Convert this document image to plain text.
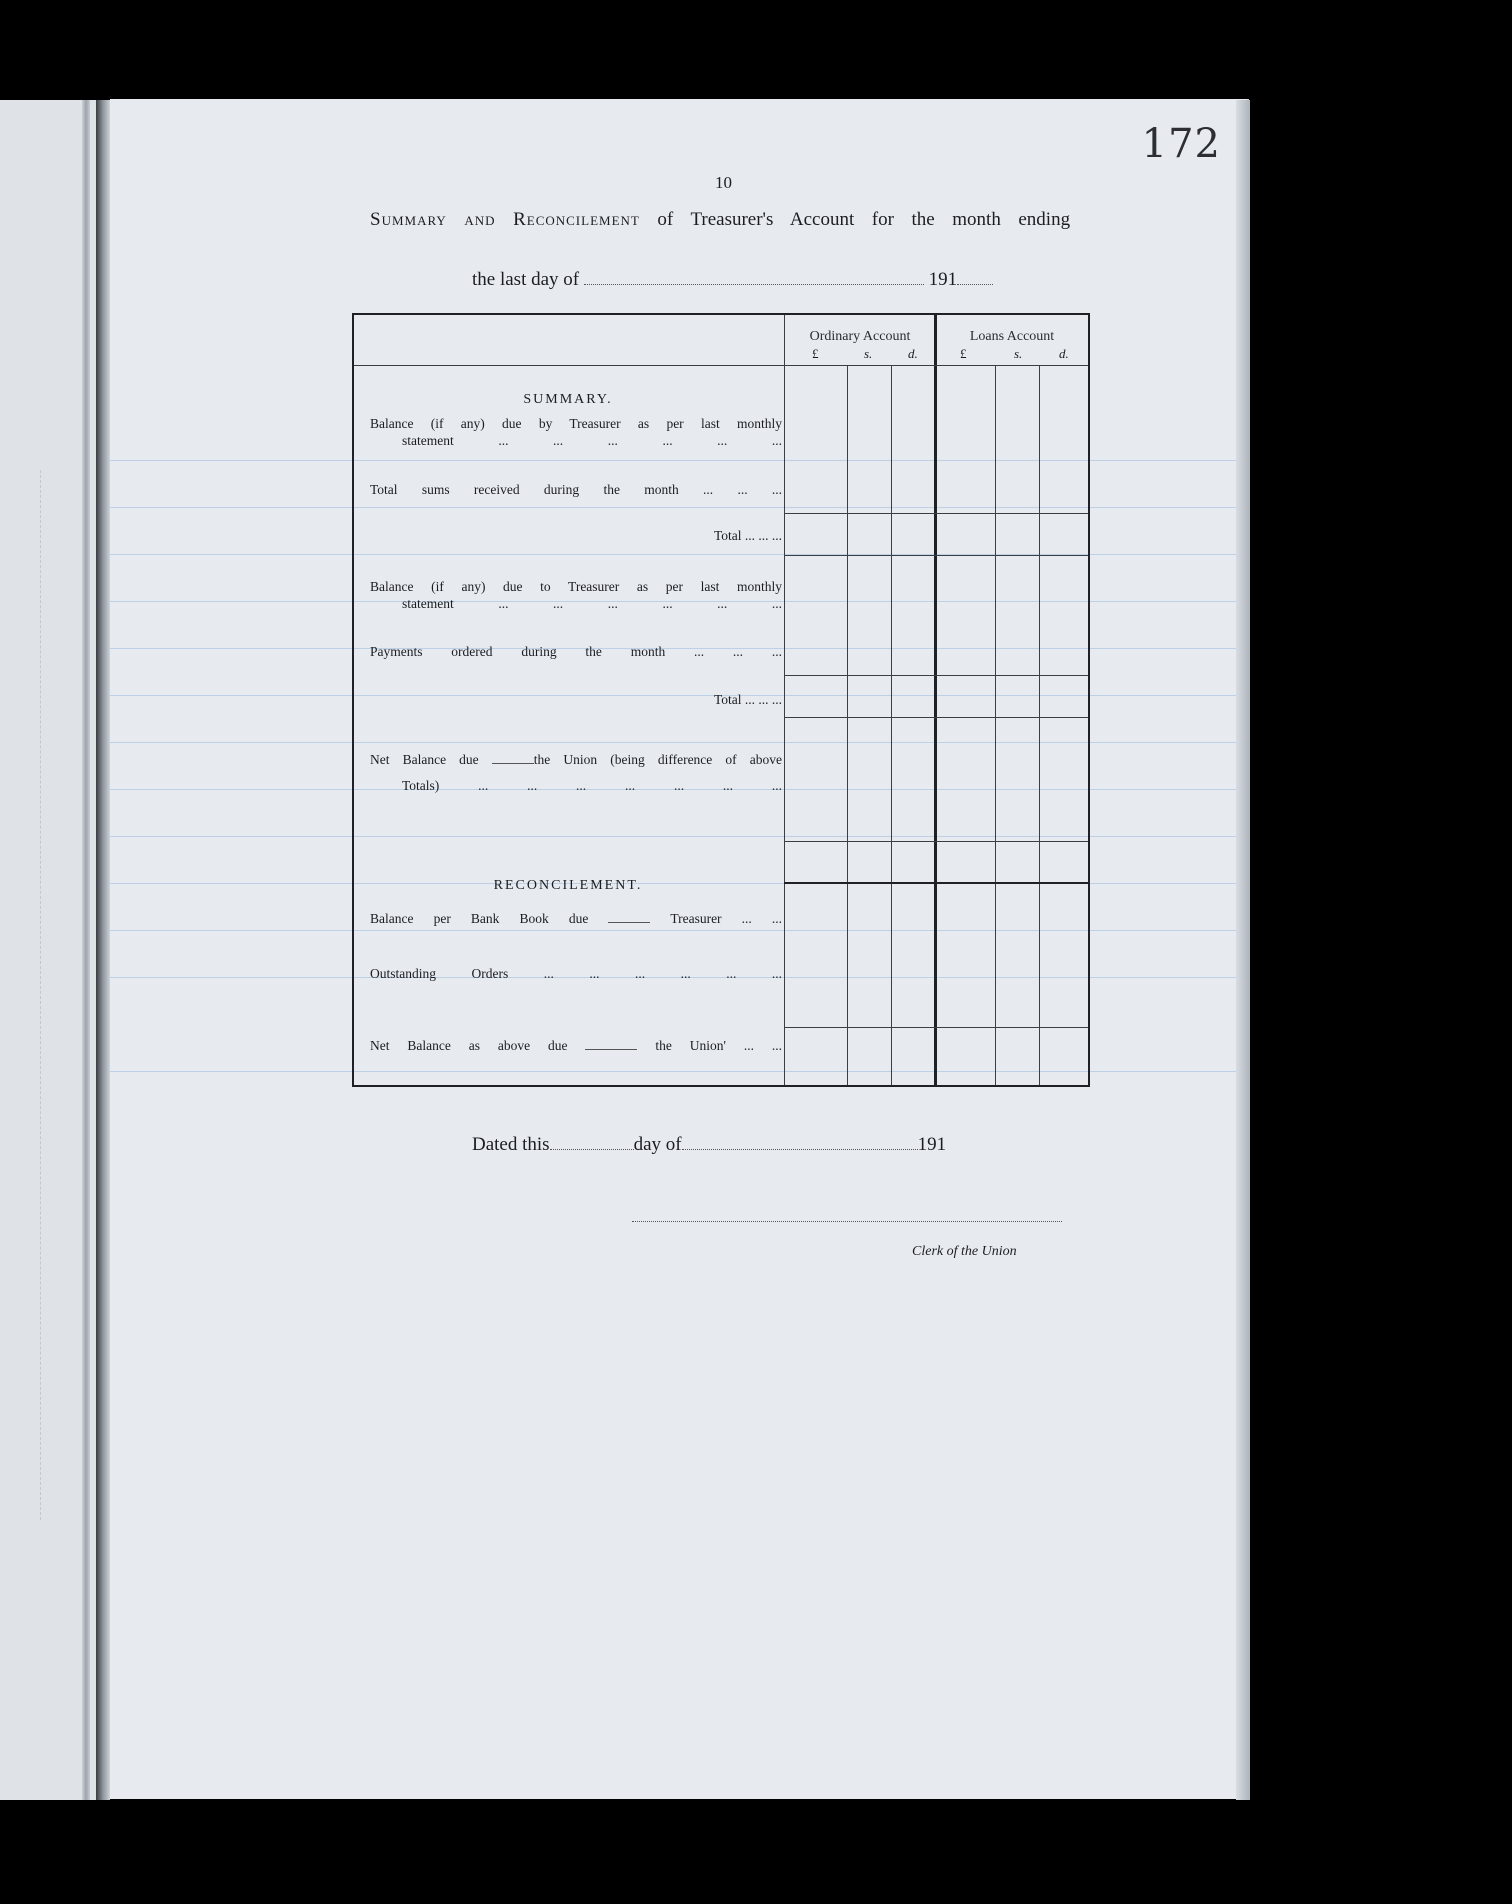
172
10
Summary and Reconcilement of Treasurer's Account for the month ending
the last day of	191
Ordinary Account	Loans Account
£	s.	d.	£	s.	d.
SUMMARY.
Balance (if any) due by Treasurer as per last monthly
statement ... ... ... ... ... ...
Total sums received during the month ... ... ...
Total ... ... ...
Balance (if any) due to Treasurer as per last monthly
statement ... ... ... ... ... ...
Payments ordered during the month ... ... ...
Total ... ... ...
Net Balance due	the Union (being difference of above
Totals) ... ... ... ... ... ... ...
RECONCILEMENT.
Balance per Bank Book due	Treasurer ... ...
Outstanding Orders ... ... ... ... ... ...
Net Balance as above due	the Union' ... ...
Dated this	day of	191
Clerk of the Union
